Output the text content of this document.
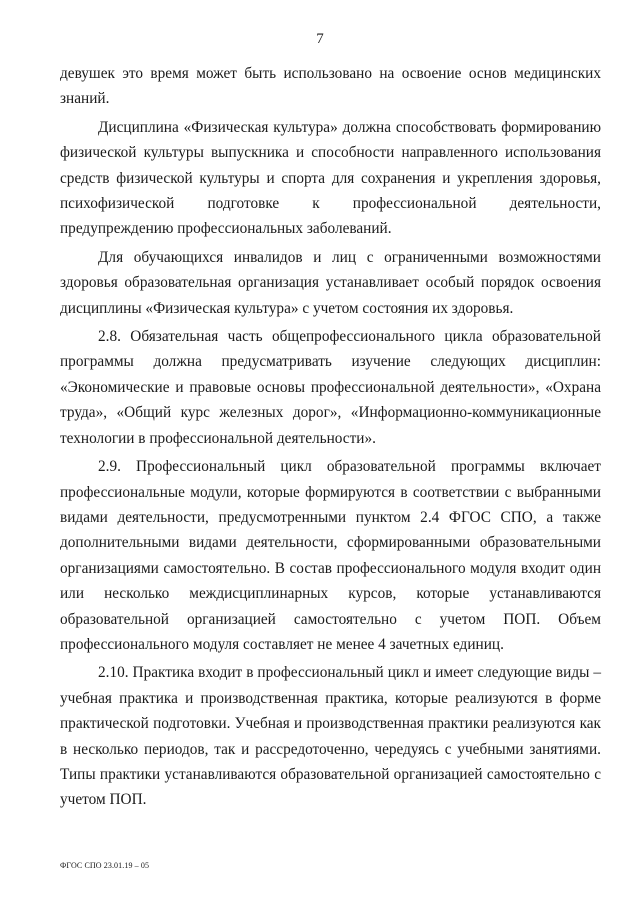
7

девушек это время может быть использовано на освоение основ медицинских знаний.

Дисциплина «Физическая культура» должна способствовать формированию физической культуры выпускника и способности направленного использования средств физической культуры и спорта для сохранения и укрепления здоровья, психофизической подготовке к профессиональной деятельности, предупреждению профессиональных заболеваний.

Для обучающихся инвалидов и лиц с ограниченными возможностями здоровья образовательная организация устанавливает особый порядок освоения дисциплины «Физическая культура» с учетом состояния их здоровья.

2.8. Обязательная часть общепрофессионального цикла образовательной программы должна предусматривать изучение следующих дисциплин: «Экономические и правовые основы профессиональной деятельности», «Охрана труда», «Общий курс железных дорог», «Информационно-коммуникационные технологии в профессиональной деятельности».

2.9. Профессиональный цикл образовательной программы включает профессиональные модули, которые формируются в соответствии с выбранными видами деятельности, предусмотренными пунктом 2.4 ФГОС СПО, а также дополнительными видами деятельности, сформированными образовательными организациями самостоятельно. В состав профессионального модуля входит один или несколько междисциплинарных курсов, которые устанавливаются образовательной организацией самостоятельно с учетом ПОП. Объем профессионального модуля составляет не менее 4 зачетных единиц.

2.10. Практика входит в профессиональный цикл и имеет следующие виды – учебная практика и производственная практика, которые реализуются в форме практической подготовки. Учебная и производственная практики реализуются как в несколько периодов, так и рассредоточенно, чередуясь с учебными занятиями. Типы практики устанавливаются образовательной организацией самостоятельно с учетом ПОП.

ФГОС СПО 23.01.19 – 05
